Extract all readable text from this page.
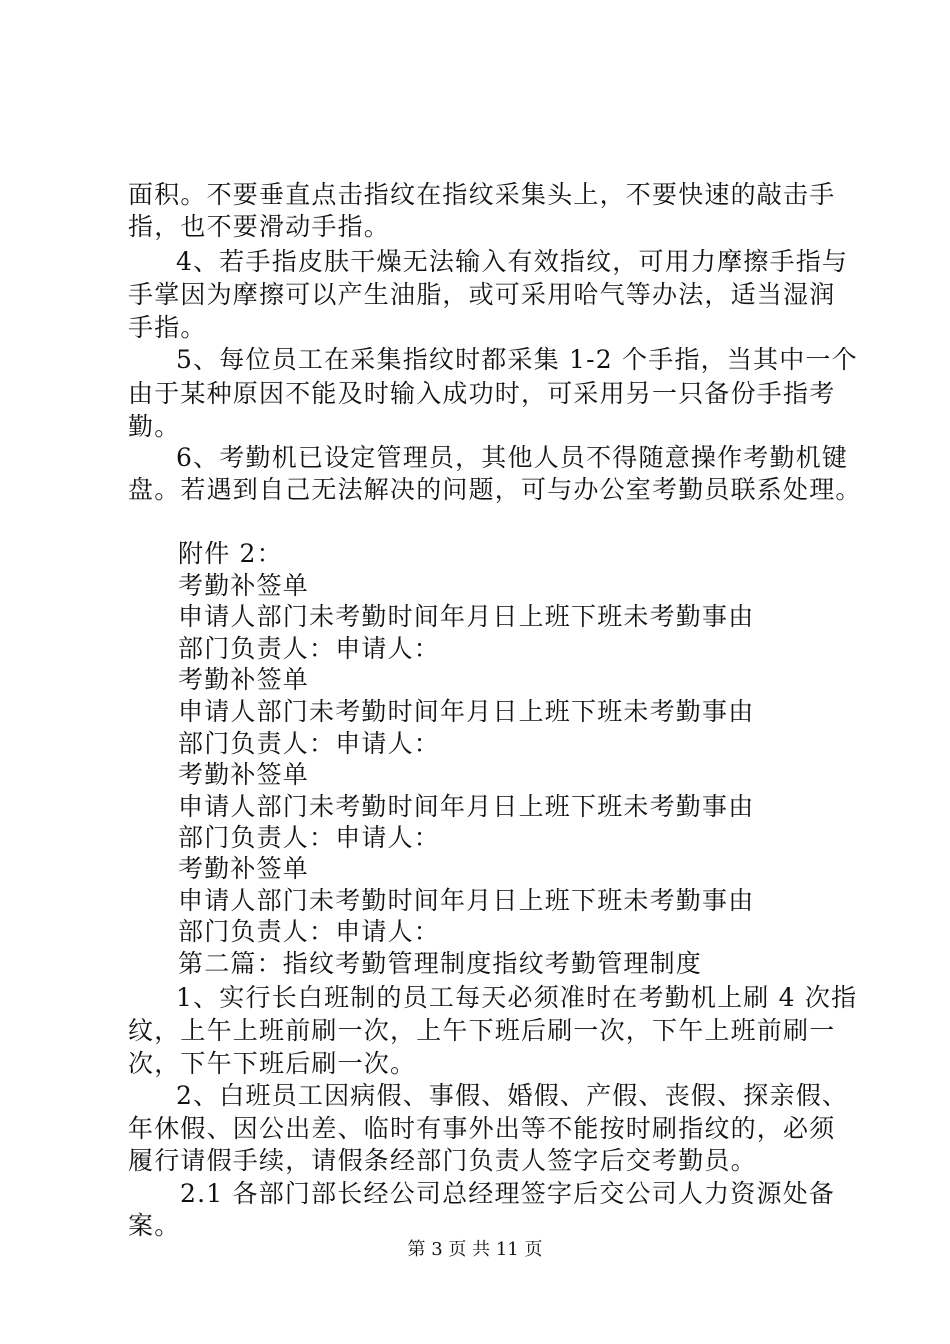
面积。不要垂直点击指纹在指纹采集头上，不要快速的敲击手
指，也不要滑动手指。
4、若手指皮肤干燥无法输入有效指纹，可用力摩擦手指与
手掌因为摩擦可以产生油脂，或可采用哈气等办法，适当湿润
手指。
5、每位员工在采集指纹时都采集 1-2 个手指，当其中一个
由于某种原因不能及时输入成功时，可采用另一只备份手指考
勤。
6、考勤机已设定管理员，其他人员不得随意操作考勤机键
盘。若遇到自己无法解决的问题，可与办公室考勤员联系处理。
附件 2：
考勤补签单
申请人部门未考勤时间年月日上班下班未考勤事由
部门负责人：申请人：
考勤补签单
申请人部门未考勤时间年月日上班下班未考勤事由
部门负责人：申请人：
考勤补签单
申请人部门未考勤时间年月日上班下班未考勤事由
部门负责人：申请人：
考勤补签单
申请人部门未考勤时间年月日上班下班未考勤事由
部门负责人：申请人：
第二篇：指纹考勤管理制度指纹考勤管理制度
1、实行长白班制的员工每天必须准时在考勤机上刷 4 次指
纹，上午上班前刷一次，上午下班后刷一次，下午上班前刷一
次，下午下班后刷一次。
2、白班员工因病假、事假、婚假、产假、丧假、探亲假、
年休假、因公出差、临时有事外出等不能按时刷指纹的，必须
履行请假手续，请假条经部门负责人签字后交考勤员。
2.1 各部门部长经公司总经理签字后交公司人力资源处备
案。
第 3 页 共 11 页
